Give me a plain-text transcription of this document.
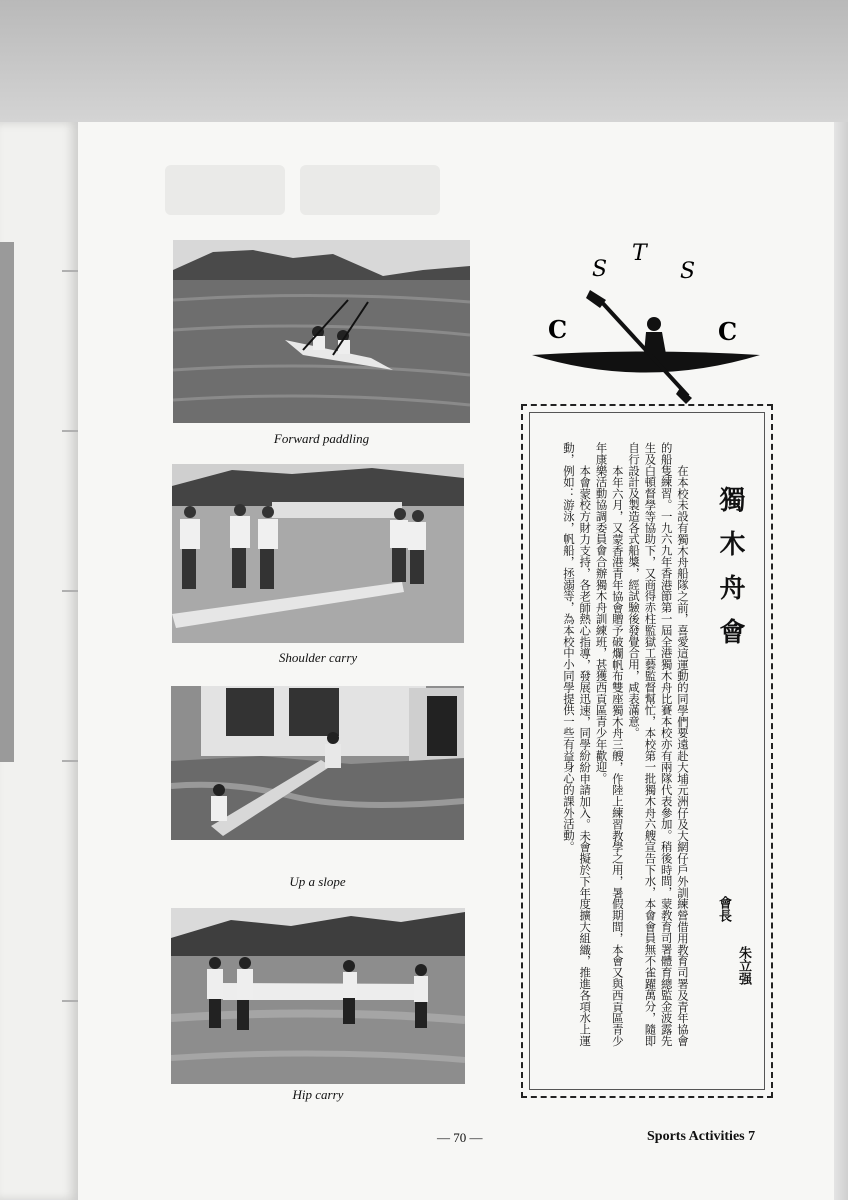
Forward paddling
Shoulder carry
Up a slope
Hip carry
S
T
S
C	C
獨木舟會
會長
朱立强

在本校未設有獨木舟船隊之前，喜愛這運動的同學們要遠赴大埔元洲仔及大網仔戶外訓練營借用教育司署及青年協會的船隻練習。一九六九年香港節第一屆全港獨木舟比賽本校亦有兩隊代表參加。稍後時間，蒙教育司署體育總監金波露先生及白頓督學等協助下，又商得赤柱監獄工藝監督幫忙，本校第一批獨木舟六艘宣告下水，本會會員無不雀躍萬分，隨即自行設計及製造各式船槳，經試驗後發覺合用，咸表滿意。

本年六月，又蒙香港青年協會贈予破爛帆布雙座獨木舟三艘，作陸上練習教學之用，暑假期間，本會又與西貢區青少年康樂活動協調委員會合辦獨木舟訓練班，甚獲西貢區青少年歡迎。

本會蒙校方財力支持，各老師熱心指導，發展迅速，同學紛紛申請加入。未會擬於下年度擴大組織，推進各項水上運動，例如：游泳，帆船，拯溺等，為本校中小同學提供一些有益身心的課外活動。

— 70 —	Sports Activities 7
